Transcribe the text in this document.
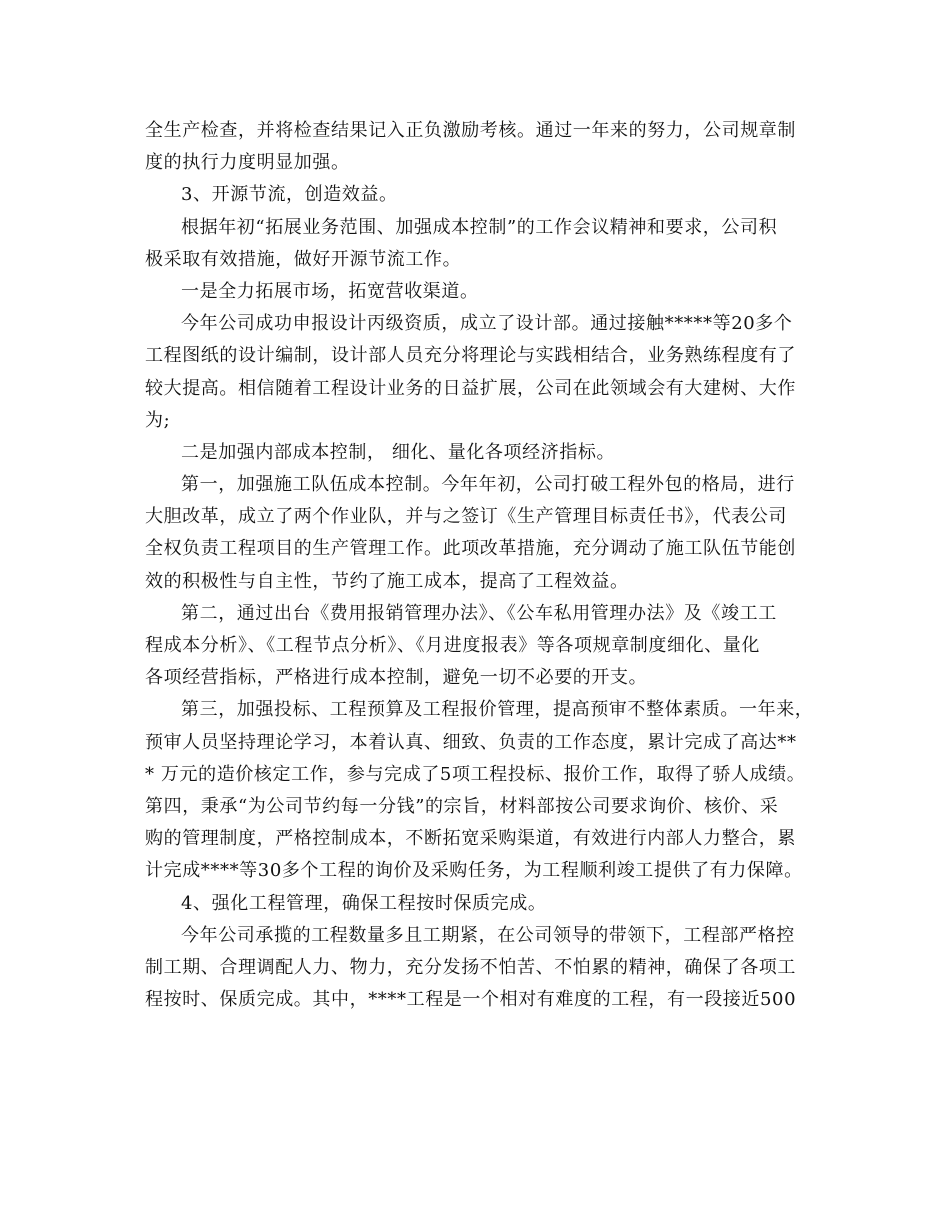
全生产检查，并将检查结果记入正负激励考核。通过一年来的努力，公司规章制
度的执行力度明显加强。
3、开源节流，创造效益。
根据年初“拓展业务范围、加强成本控制”的工作会议精神和要求，公司积
极采取有效措施，做好开源节流工作。
一是全力拓展市场，拓宽营收渠道。
今年公司成功申报设计丙级资质，成立了设计部。通过接触*****等20多个
工程图纸的设计编制，设计部人员充分将理论与实践相结合，业务熟练程度有了
较大提高。相信随着工程设计业务的日益扩展，公司在此领域会有大建树、大作
为;
二是加强内部成本控制， 细化、量化各项经济指标。
第一，加强施工队伍成本控制。今年年初，公司打破工程外包的格局，进行
大胆改革，成立了两个作业队，并与之签订《生产管理目标责任书》，代表公司
全权负责工程项目的生产管理工作。此项改革措施，充分调动了施工队伍节能创
效的积极性与自主性，节约了施工成本，提高了工程效益。
第二，通过出台《费用报销管理办法》、《公车私用管理办法》及《竣工工
程成本分析》、《工程节点分析》、《月进度报表》等各项规章制度细化、量化
各项经营指标，严格进行成本控制，避免一切不必要的开支。
第三，加强投标、工程预算及工程报价管理，提高预审不整体素质。一年来，
预审人员坚持理论学习，本着认真、细致、负责的工作态度，累计完成了高达**
* 万元的造价核定工作，参与完成了5项工程投标、报价工作，取得了骄人成绩。
第四，秉承“为公司节约每一分钱”的宗旨，材料部按公司要求询价、核价、采
购的管理制度，严格控制成本，不断拓宽采购渠道，有效进行内部人力整合，累
计完成****等30多个工程的询价及采购任务，为工程顺利竣工提供了有力保障。
4、强化工程管理，确保工程按时保质完成。
今年公司承揽的工程数量多且工期紧，在公司领导的带领下，工程部严格控
制工期、合理调配人力、物力，充分发扬不怕苦、不怕累的精神，确保了各项工
程按时、保质完成。其中，****工程是一个相对有难度的工程，有一段接近500
